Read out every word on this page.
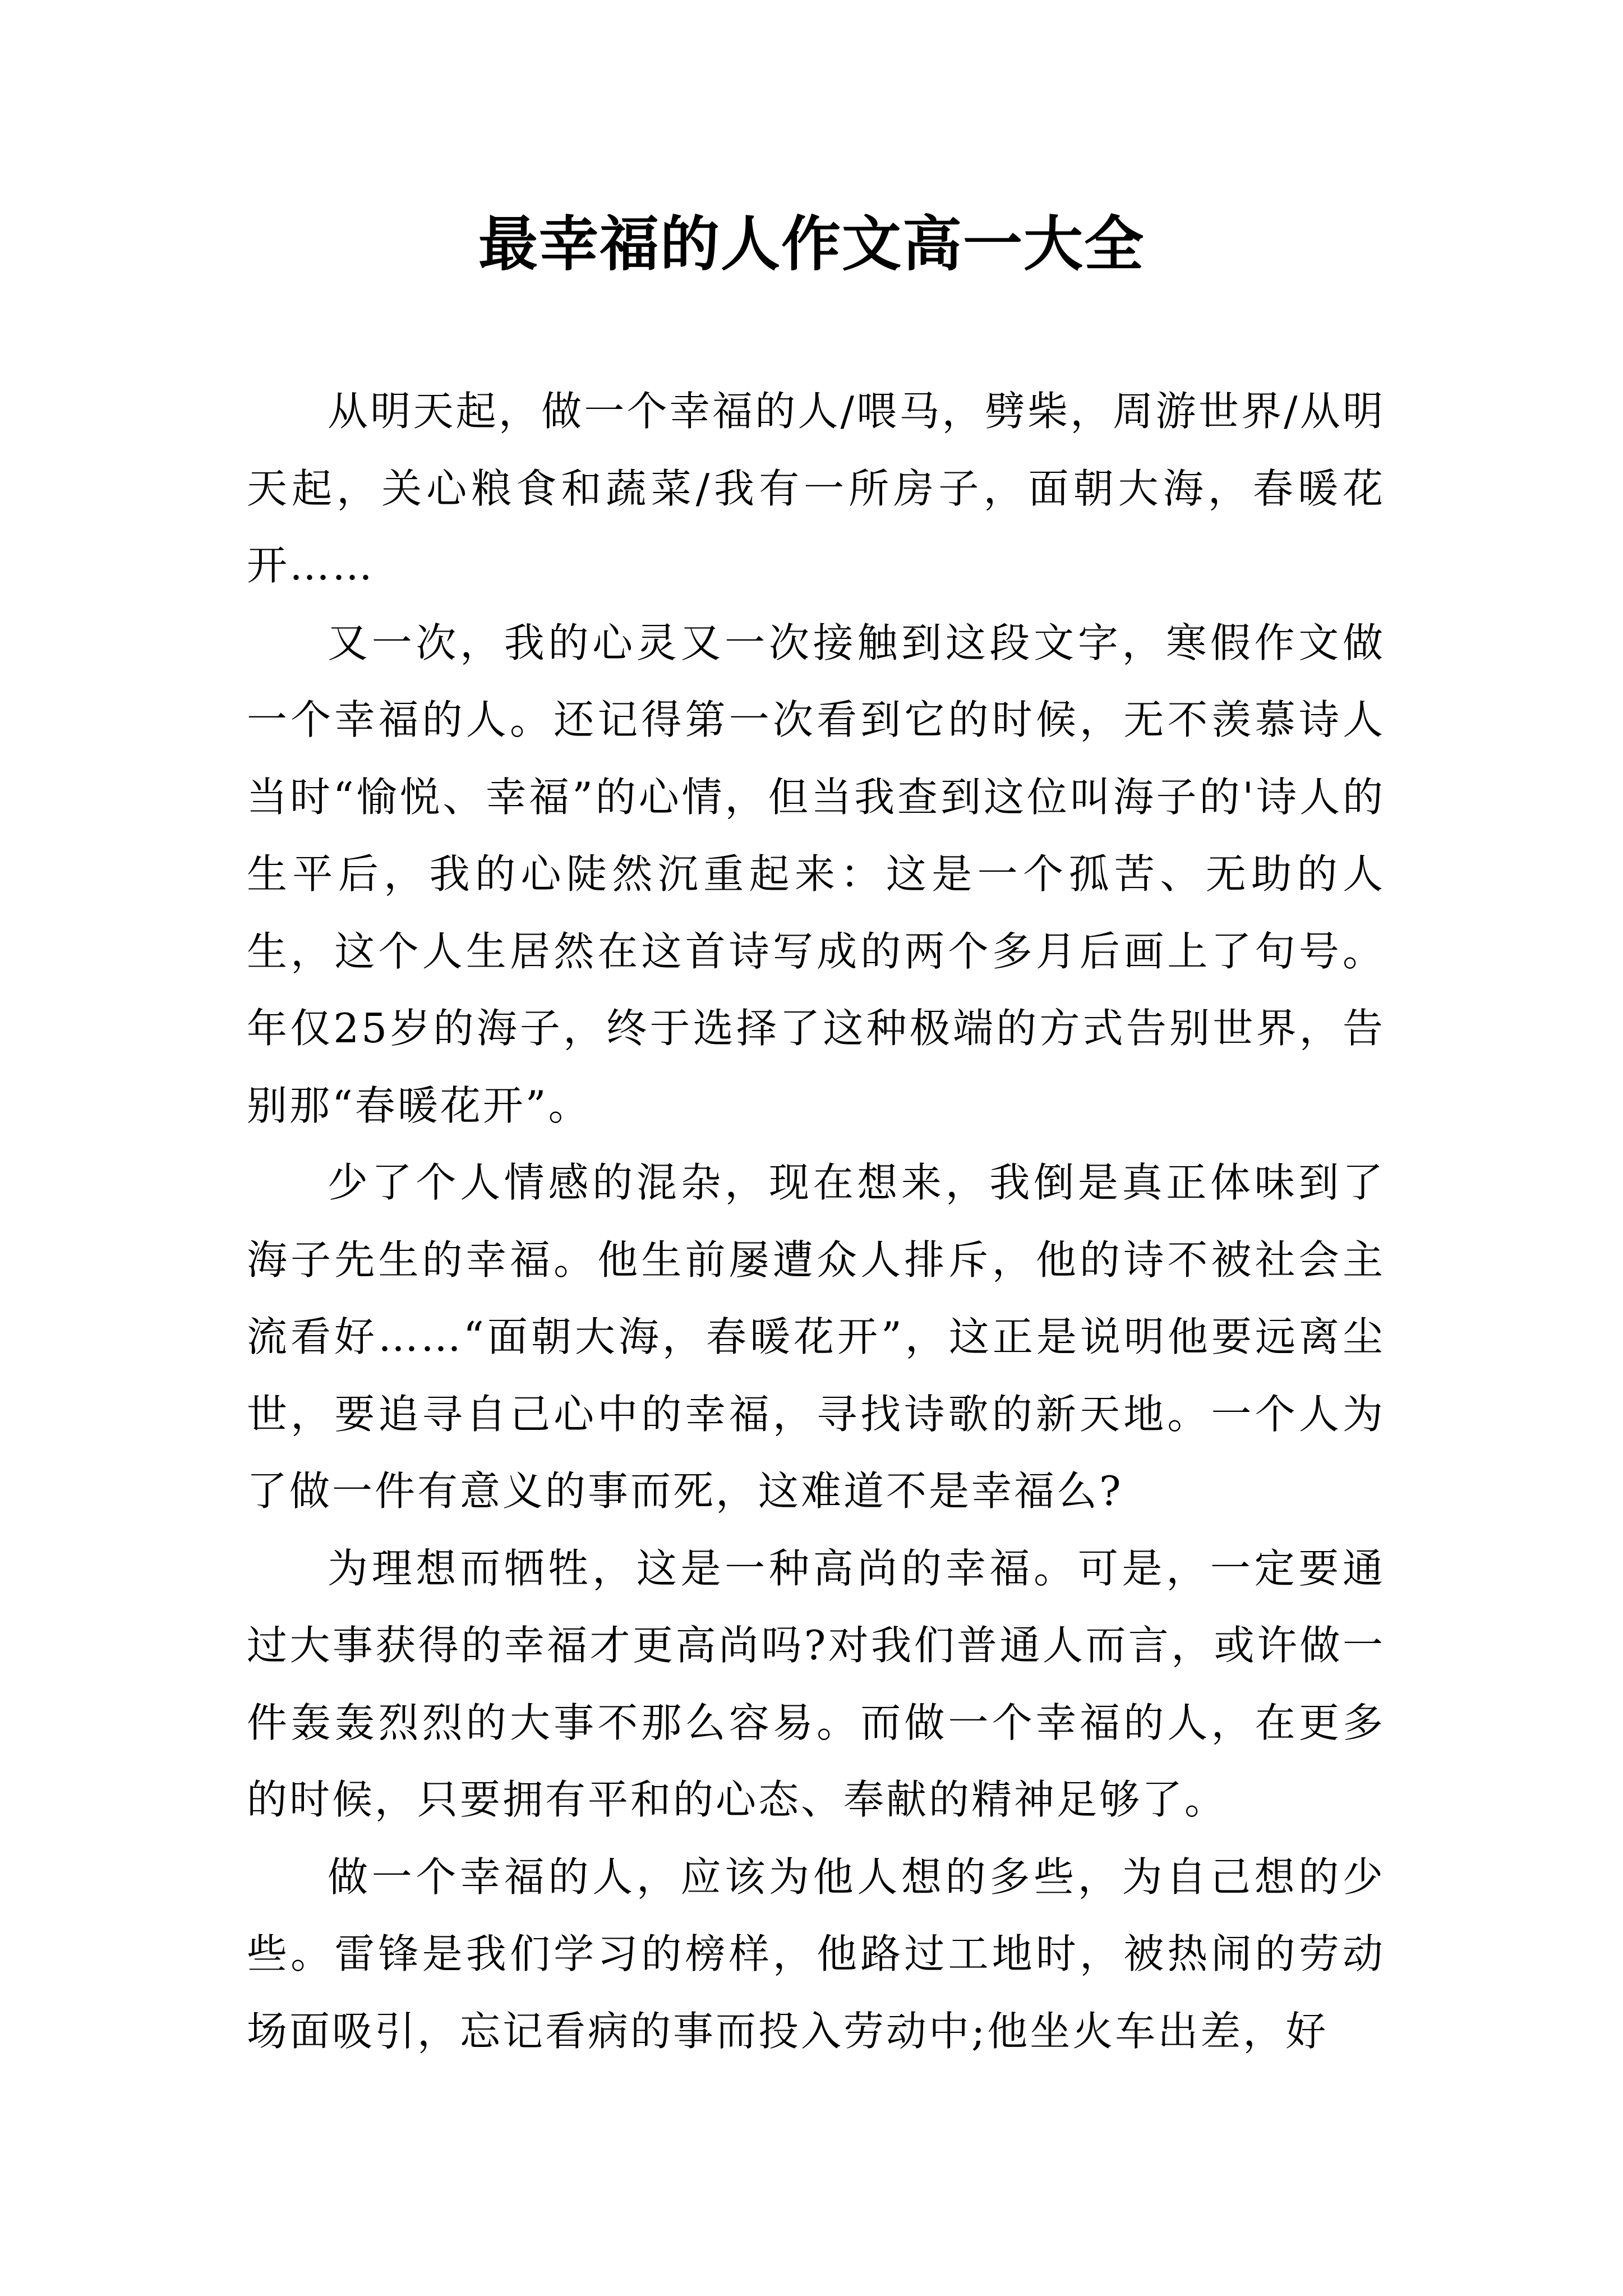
最幸福的人作文高一大全

从明天起，做一个幸福的人/喂马，劈柴，周游世界/从明天起，关心粮食和蔬菜/我有一所房子，面朝大海，春暖花开……

又一次，我的心灵又一次接触到这段文字，寒假作文做一个幸福的人。还记得第一次看到它的时候，无不羡慕诗人当时“愉悦、幸福”的心情，但当我查到这位叫海子的'诗人的生平后，我的心陡然沉重起来：这是一个孤苦、无助的人生，这个人生居然在这首诗写成的两个多月后画上了句号。年仅25岁的海子，终于选择了这种极端的方式告别世界，告别那“春暖花开”。

少了个人情感的混杂，现在想来，我倒是真正体味到了海子先生的幸福。他生前屡遭众人排斥，他的诗不被社会主流看好……“面朝大海，春暖花开”，这正是说明他要远离尘世，要追寻自己心中的幸福，寻找诗歌的新天地。一个人为了做一件有意义的事而死，这难道不是幸福么?

为理想而牺牲，这是一种高尚的幸福。可是，一定要通过大事获得的幸福才更高尚吗?对我们普通人而言，或许做一件轰轰烈烈的大事不那么容易。而做一个幸福的人，在更多的时候，只要拥有平和的心态、奉献的精神足够了。

做一个幸福的人，应该为他人想的多些，为自己想的少些。雷锋是我们学习的榜样，他路过工地时，被热闹的劳动场面吸引，忘记看病的事而投入劳动中;他坐火车出差，好
